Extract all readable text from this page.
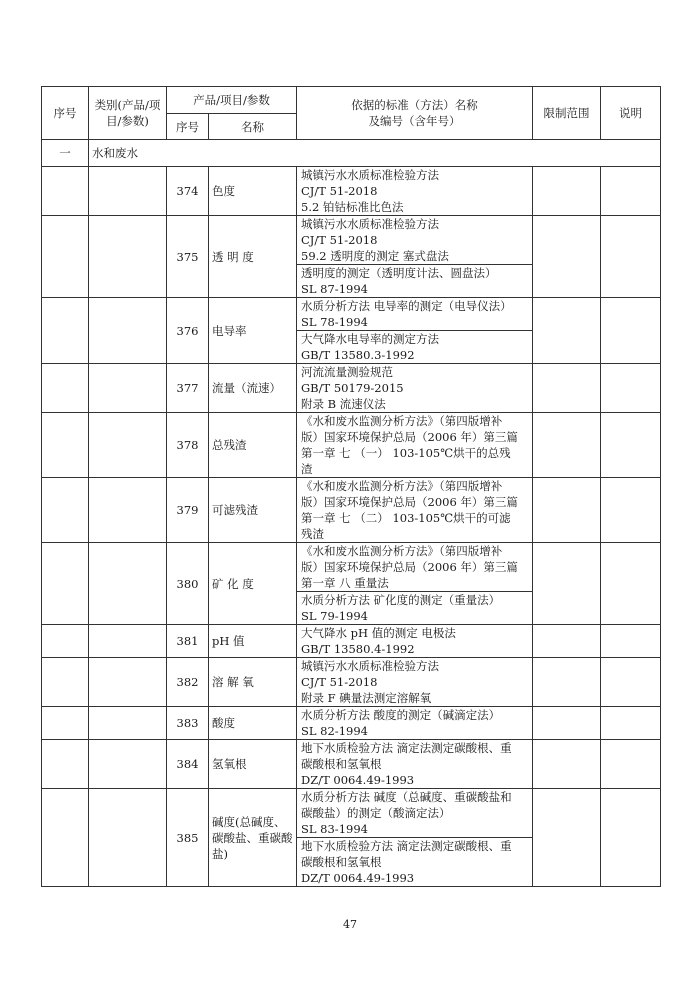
序号	类别(产品/项目/参数)	产品/项目/参数		依据的标准（方法）名称
及编号（含年号）	限制范围	说明
		序号	名称			
一	水和废水					
		374	色度	城镇污水水质标准检验方法
CJ/T 51-2018
5.2 铂钴标准比色法		

		375	透 明 度	城镇污水水质标准检验方法
CJ/T 51-2018
59.2 透明度的测定 塞式盘法		

				透明度的测定（透明度计法、圆盘法）
SL 87-1994		

		376	电导率	水质分析方法 电导率的测定（电导仪法）
SL 78-1994		

				大气降水电导率的测定方法
GB/T 13580.3-1992		

		377	流量（流速）	河流流量测验规范
GB/T 50179-2015
附录 B 流速仪法		

		378	总残渣	《水和废水监测分析方法》（第四版增补
版）国家环境保护总局（2006 年）第三篇
第一章 七 （一） 103-105℃烘干的总残
渣		

		379	可滤残渣	《水和废水监测分析方法》（第四版增补
版）国家环境保护总局（2006 年）第三篇
第一章 七 （二） 103-105℃烘干的可滤
残渣		

		380	矿 化 度	《水和废水监测分析方法》（第四版增补
版）国家环境保护总局（2006 年）第三篇
第一章 八 重量法		

				水质分析方法 矿化度的测定（重量法）
SL 79-1994		

		381	pH 值	大气降水 pH 值的测定 电极法
GB/T 13580.4-1992		

		382	溶 解 氧	城镇污水水质标准检验方法
CJ/T 51-2018
附录 F 碘量法测定溶解氧		

		383	酸度	水质分析方法 酸度的测定（碱滴定法）
SL 82-1994		

		384	氢氧根	地下水质检验方法 滴定法测定碳酸根、重
碳酸根和氢氧根
DZ/T 0064.49-1993		

		385	碱度(总碱度、碳酸盐、重碳酸盐)	水质分析方法 碱度（总碱度、重碳酸盐和
碳酸盐）的测定（酸滴定法）
SL 83-1994		

				地下水质检验方法 滴定法测定碳酸根、重
碳酸根和氢氧根
DZ/T 0064.49-1993		
47
